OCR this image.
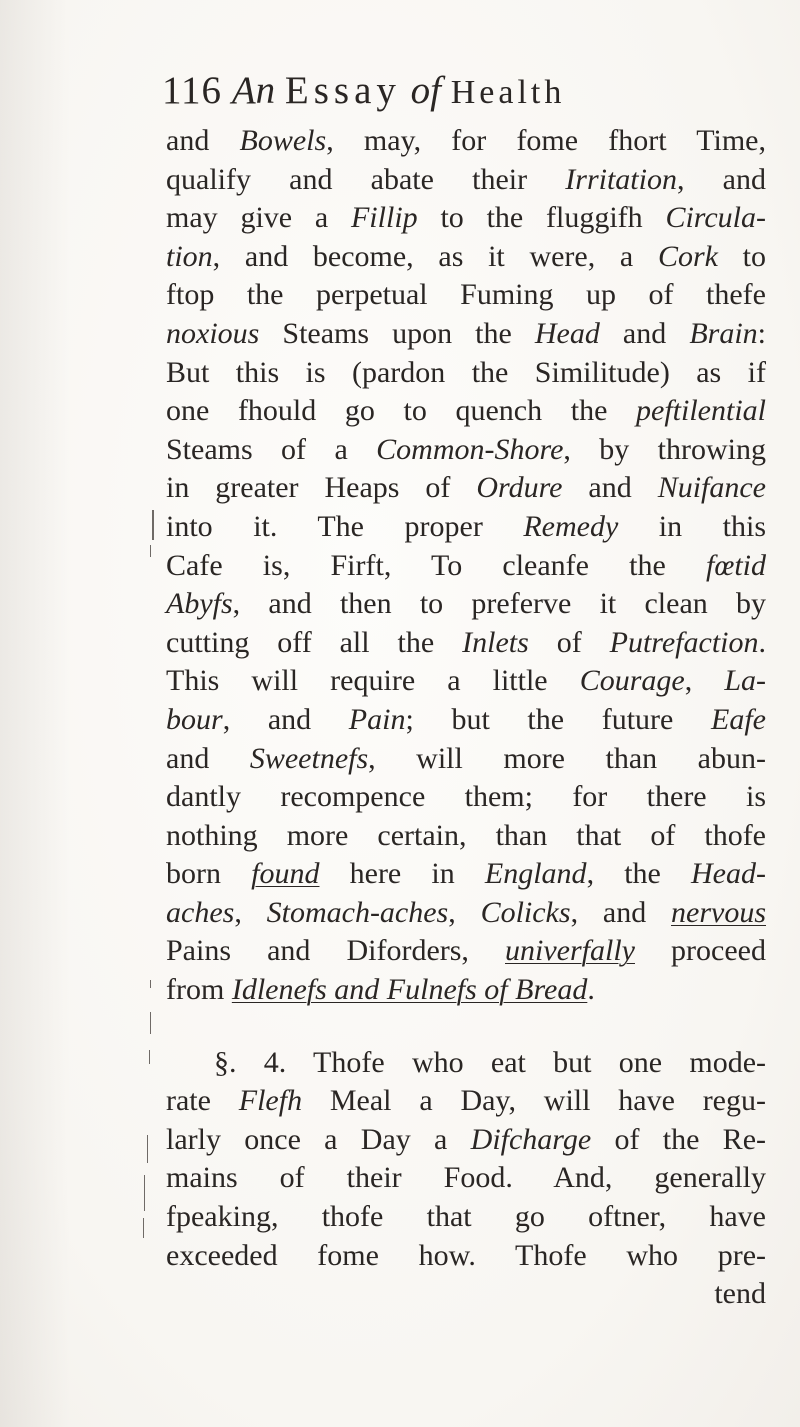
116 An Essay of Health
and Bowels, may, for fome fhort Time,
qualify and abate their Irritation, and
may give a Fillip to the fluggifh Circula-
tion, and become, as it were, a Cork to
ftop the perpetual Fuming up of thefe
noxious Steams upon the Head and Brain:
But this is (pardon the Similitude) as if
one fhould go to quench the peftilential
Steams of a Common-Shore, by throwing
in greater Heaps of Ordure and Nuifance
into it. The proper Remedy in this
Cafe is, Firft, To cleanfe the fœtid
Abyfs, and then to preferve it clean by
cutting off all the Inlets of Putrefaction.
This will require a little Courage, La-
bour, and Pain; but the future Eafe
and Sweetnefs, will more than abun-
dantly recompence them; for there is
nothing more certain, than that of thofe
born found here in England, the Head-
aches, Stomach-aches, Colicks, and nervous
Pains and Diforders, univerfally proceed
from Idlenefs and Fulnefs of Bread.
§. 4. Thofe who eat but one mode-
rate Flefh Meal a Day, will have regu-
larly once a Day a Difcharge of the Re-
mains of their Food. And, generally
fpeaking, thofe that go oftner, have
exceeded fome how. Thofe who pre-
tend
